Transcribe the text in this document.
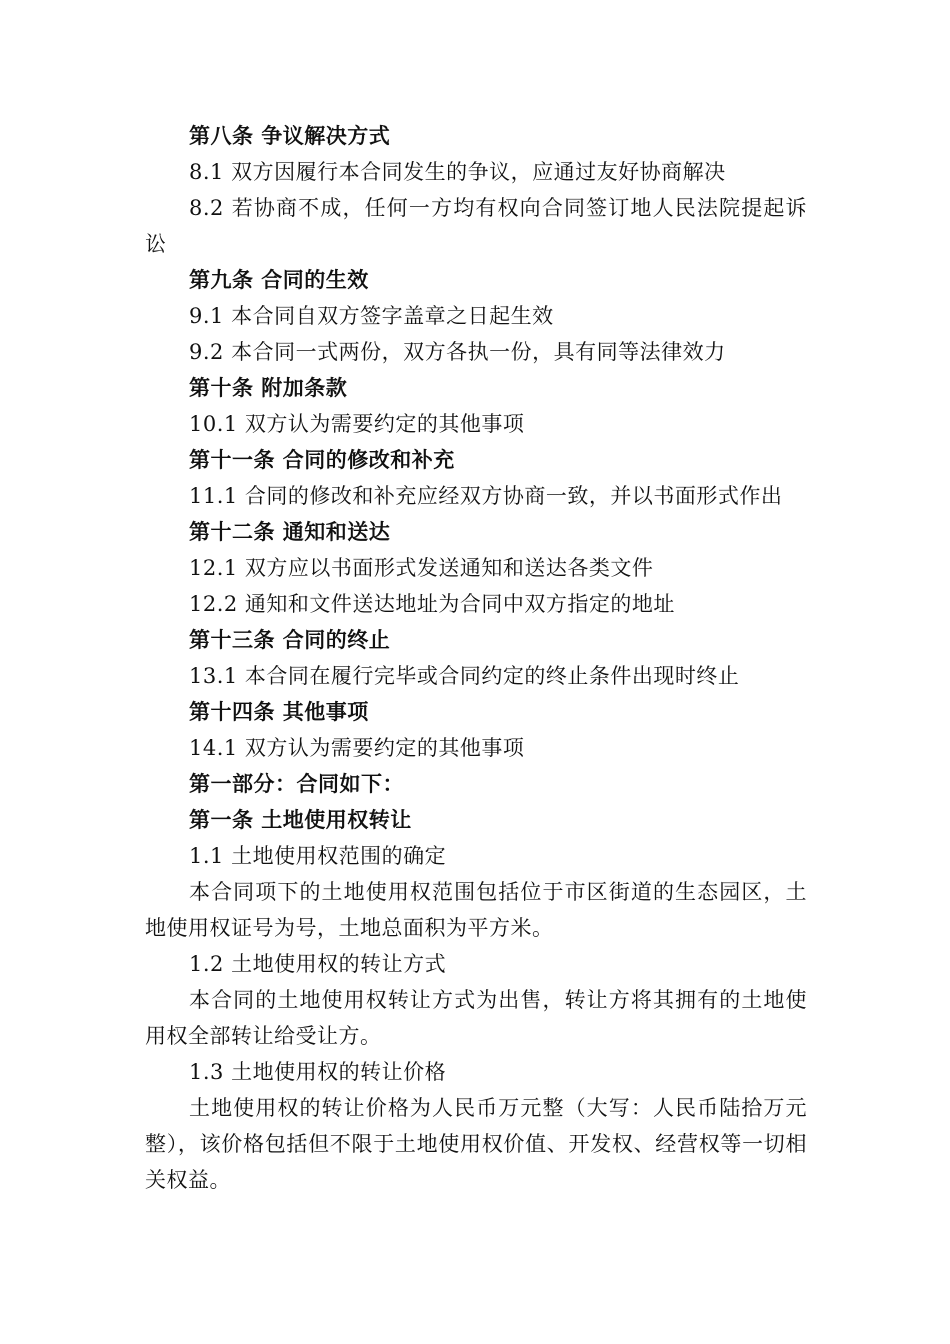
第八条 争议解决方式
8.1 双方因履行本合同发生的争议，应通过友好协商解决
8.2 若协商不成，任何一方均有权向合同签订地人民法院提起诉讼
第九条 合同的生效
9.1 本合同自双方签字盖章之日起生效
9.2 本合同一式两份，双方各执一份，具有同等法律效力
第十条 附加条款
10.1 双方认为需要约定的其他事项
第十一条 合同的修改和补充
11.1 合同的修改和补充应经双方协商一致，并以书面形式作出
第十二条 通知和送达
12.1 双方应以书面形式发送通知和送达各类文件
12.2 通知和文件送达地址为合同中双方指定的地址
第十三条 合同的终止
13.1 本合同在履行完毕或合同约定的终止条件出现时终止
第十四条 其他事项
14.1 双方认为需要约定的其他事项
第一部分：合同如下：
第一条 土地使用权转让
1.1 土地使用权范围的确定
本合同项下的土地使用权范围包括位于市区街道的生态园区，土地使用权证号为号，土地总面积为平方米。
1.2 土地使用权的转让方式
本合同的土地使用权转让方式为出售，转让方将其拥有的土地使用权全部转让给受让方。
1.3 土地使用权的转让价格
土地使用权的转让价格为人民币万元整（大写：人民币陆拾万元整），该价格包括但不限于土地使用权价值、开发权、经营权等一切相关权益。
